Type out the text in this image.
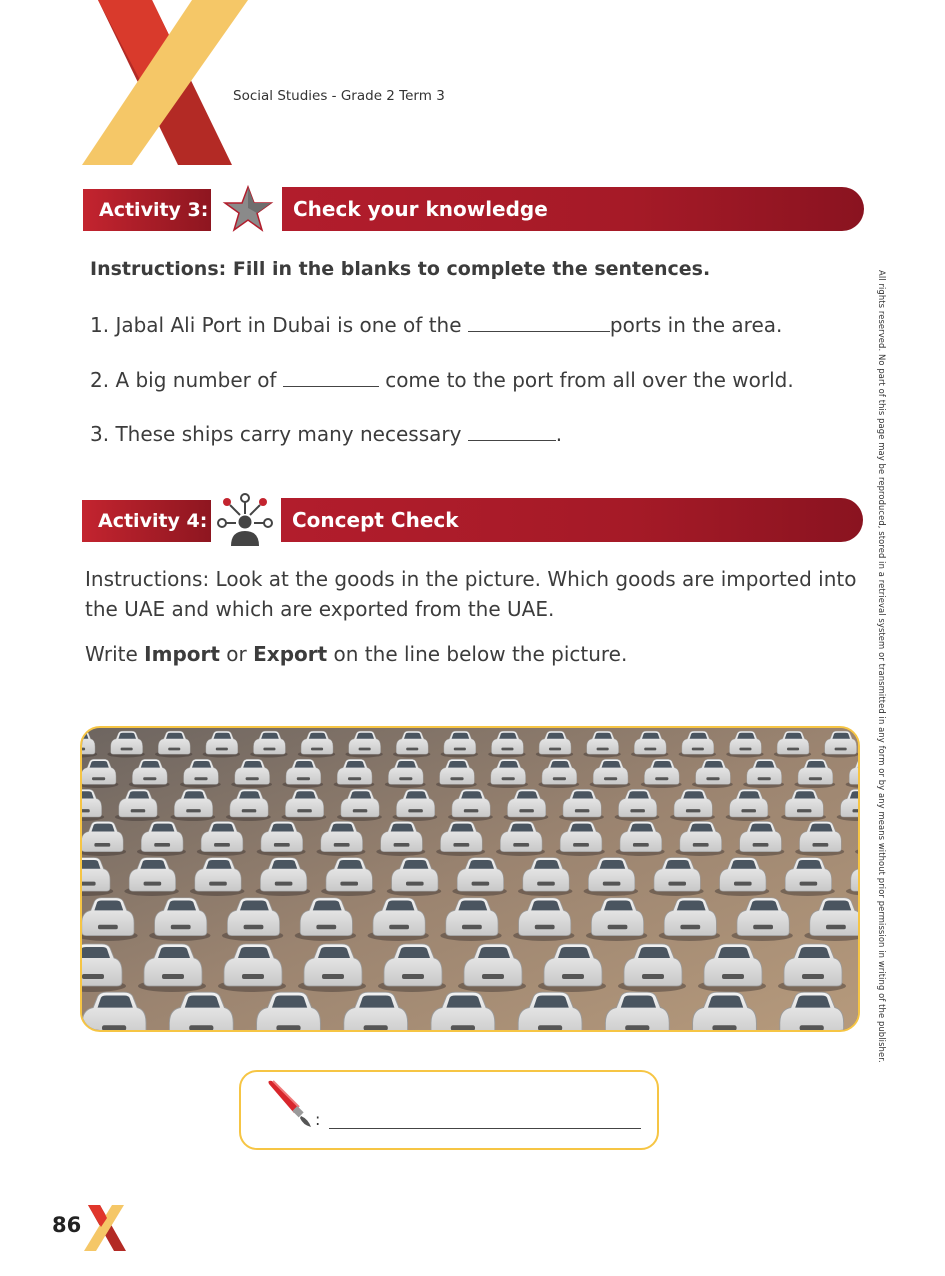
Social Studies - Grade 2 Term 3
Activity 3:	Check your knowledge
Instructions: Fill in the blanks to complete the sentences.
1. Jabal Ali Port in Dubai is one of the	ports in the area.
2. A big number of	come to the port from all over the world.
3. These ships carry many necessary	.
Activity 4:	Concept Check
Instructions: Look at the goods in the picture. Which goods are imported into the UAE and which are exported from the UAE.
Write Import or Export on the line below the picture.
:
All rights reserved. No part of this page may be reproduced, stored in a retrieval system or transmitted in any form or by any means without prior permission in writing of the publisher.
86
